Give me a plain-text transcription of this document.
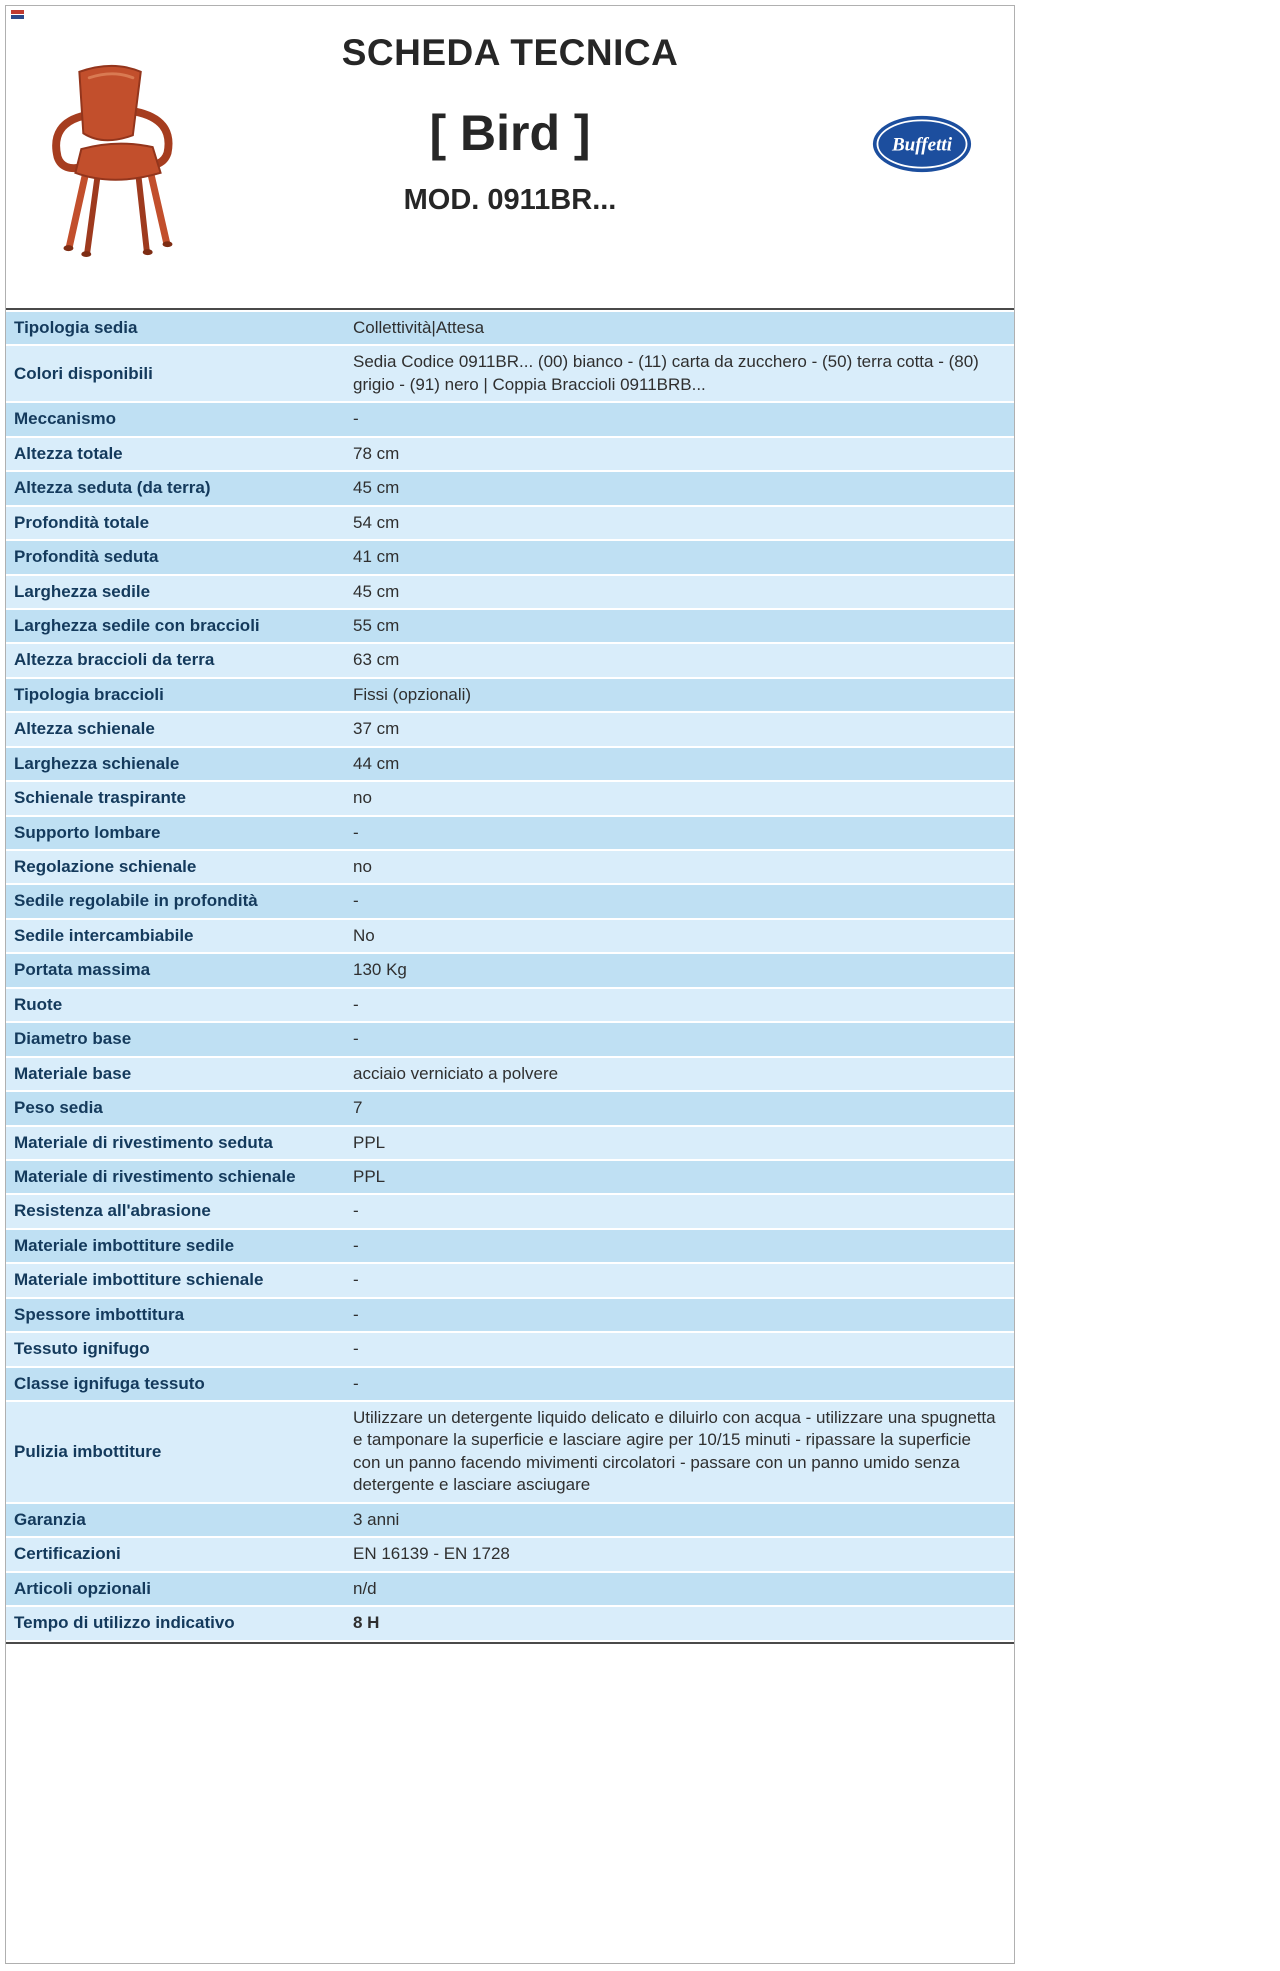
SCHEDA TECNICA
[ Bird ]
MOD. 0911BR...
Buffetti
Tipologia sedia	Collettività|Attesa
Colori disponibili	Sedia Codice 0911BR... (00) bianco - (11) carta da zucchero - (50) terra cotta - (80) grigio - (91) nero | Coppia Braccioli 0911BRB...
Meccanismo	-
Altezza totale	78 cm
Altezza seduta (da terra)	45 cm
Profondità totale	54 cm
Profondità seduta	41 cm
Larghezza sedile	45 cm
Larghezza sedile con braccioli	55 cm
Altezza braccioli da terra	63 cm
Tipologia braccioli	Fissi (opzionali)
Altezza schienale	37 cm
Larghezza schienale	44 cm
Schienale traspirante	no
Supporto lombare	-
Regolazione schienale	no
Sedile regolabile in profondità	-
Sedile intercambiabile	No
Portata massima	130 Kg
Ruote	-
Diametro base	-
Materiale base	acciaio verniciato a polvere
Peso sedia	7
Materiale di rivestimento seduta	PPL
Materiale di rivestimento schienale	PPL
Resistenza all'abrasione	-
Materiale imbottiture sedile	-
Materiale imbottiture schienale	-
Spessore imbottitura	-
Tessuto ignifugo	-
Classe ignifuga tessuto	-
Pulizia imbottiture	Utilizzare un detergente liquido delicato e diluirlo con acqua - utilizzare una spugnetta e tamponare la superficie e lasciare agire per 10/15 minuti - ripassare la superficie con un panno facendo mivimenti circolatori - passare con un panno umido senza detergente e lasciare asciugare
Garanzia	3 anni
Certificazioni	EN 16139 - EN 1728
Articoli opzionali	n/d
Tempo di utilizzo indicativo	8 H
